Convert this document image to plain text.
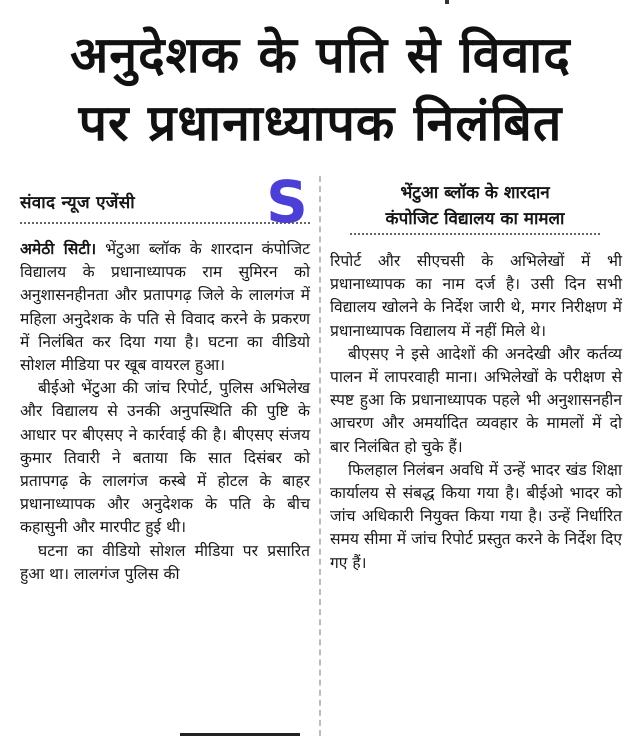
अनुदेशक के पति से विवाद
पर प्रधानाध्यापक निलंबित
संवाद न्यूज एजेंसी	S	भेंटुआ ब्लॉक के शारदान
कंपोजिट विद्यालय का मामला

अमेठी सिटी। भेंटुआ ब्लॉक के शारदान कंपोजिट विद्यालय के प्रधानाध्यापक राम सुमिरन को अनुशासनहीनता और प्रतापगढ़ जिले के लालगंज में महिला अनुदेशक के पति से विवाद करने के प्रकरण में निलंबित कर दिया गया है। घटना का वीडियो सोशल मीडिया पर खूब वायरल हुआ।

बीईओ भेंटुआ की जांच रिपोर्ट, पुलिस अभिलेख और विद्यालय से उनकी अनुपस्थिति की पुष्टि के आधार पर बीएसए ने कार्रवाई की है। बीएसए संजय कुमार तिवारी ने बताया कि सात दिसंबर को प्रतापगढ़ के लालगंज कस्बे में होटल के बाहर प्रधानाध्यापक और अनुदेशक के पति के बीच कहासुनी और मारपीट हुई थी।

घटना का वीडियो सोशल मीडिया पर प्रसारित हुआ था। लालगंज पुलिस की

रिपोर्ट और सीएचसी के अभिलेखों में भी प्रधानाध्यापक का नाम दर्ज है। उसी दिन सभी विद्यालय खोलने के निर्देश जारी थे, मगर निरीक्षण में प्रधानाध्यापक विद्यालय में नहीं मिले थे।

बीएसए ने इसे आदेशों की अनदेखी और कर्तव्य पालन में लापरवाही माना। अभिलेखों के परीक्षण से स्पष्ट हुआ कि प्रधानाध्यापक पहले भी अनुशासनहीन आचरण और अमर्यादित व्यवहार के मामलों में दो बार निलंबित हो चुके हैं।

फिलहाल निलंबन अवधि में उन्हें भादर खंड शिक्षा कार्यालय से संबद्ध किया गया है। बीईओ भादर को जांच अधिकारी नियुक्त किया गया है। उन्हें निर्धारित समय सीमा में जांच रिपोर्ट प्रस्तुत करने के निर्देश दिए गए हैं।
